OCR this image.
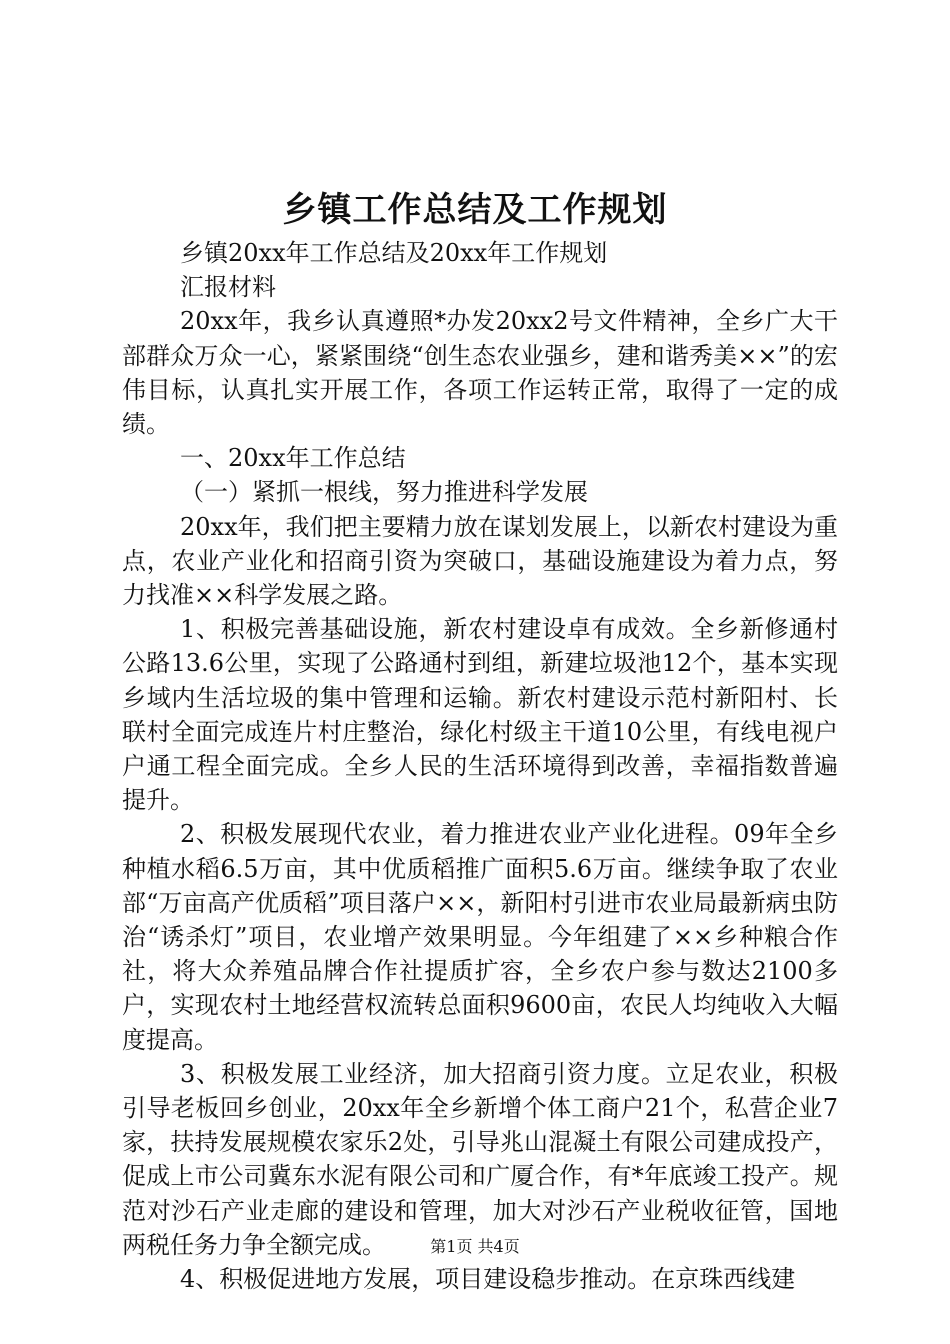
乡镇工作总结及工作规划

乡镇20xx年工作总结及20xx年工作规划

汇报材料

20xx年，我乡认真遵照*办发20xx2号文件精神，全乡广大干部群众万众一心，紧紧围绕“创生态农业强乡，建和谐秀美××”的宏伟目标，认真扎实开展工作，各项工作运转正常，取得了一定的成绩。

一、20xx年工作总结

（一）紧抓一根线，努力推进科学发展

20xx年，我们把主要精力放在谋划发展上，以新农村建设为重点，农业产业化和招商引资为突破口，基础设施建设为着力点，努力找准××科学发展之路。

1、积极完善基础设施，新农村建设卓有成效。全乡新修通村公路13.6公里，实现了公路通村到组，新建垃圾池12个，基本实现乡域内生活垃圾的集中管理和运输。新农村建设示范村新阳村、长联村全面完成连片村庄整治，绿化村级主干道10公里，有线电视户户通工程全面完成。全乡人民的生活环境得到改善，幸福指数普遍提升。

2、积极发展现代农业，着力推进农业产业化进程。09年全乡种植水稻6.5万亩，其中优质稻推广面积5.6万亩。继续争取了农业部“万亩高产优质稻”项目落户××，新阳村引进市农业局最新病虫防治“诱杀灯”项目，农业增产效果明显。今年组建了××乡种粮合作社，将大众养殖品牌合作社提质扩容，全乡农户参与数达2100多户，实现农村土地经营权流转总面积9600亩，农民人均纯收入大幅度提高。

3、积极发展工业经济，加大招商引资力度。立足农业，积极引导老板回乡创业，20xx年全乡新增个体工商户21个，私营企业7家，扶持发展规模农家乐2处，引导兆山混凝土有限公司建成投产，促成上市公司冀东水泥有限公司和广厦合作，有*年底竣工投产。规范对沙石产业走廊的建设和管理，加大对沙石产业税收征管，国地两税任务力争全额完成。

4、积极促进地方发展，项目建设稳步推动。在京珠西线建

第1页 共4页
